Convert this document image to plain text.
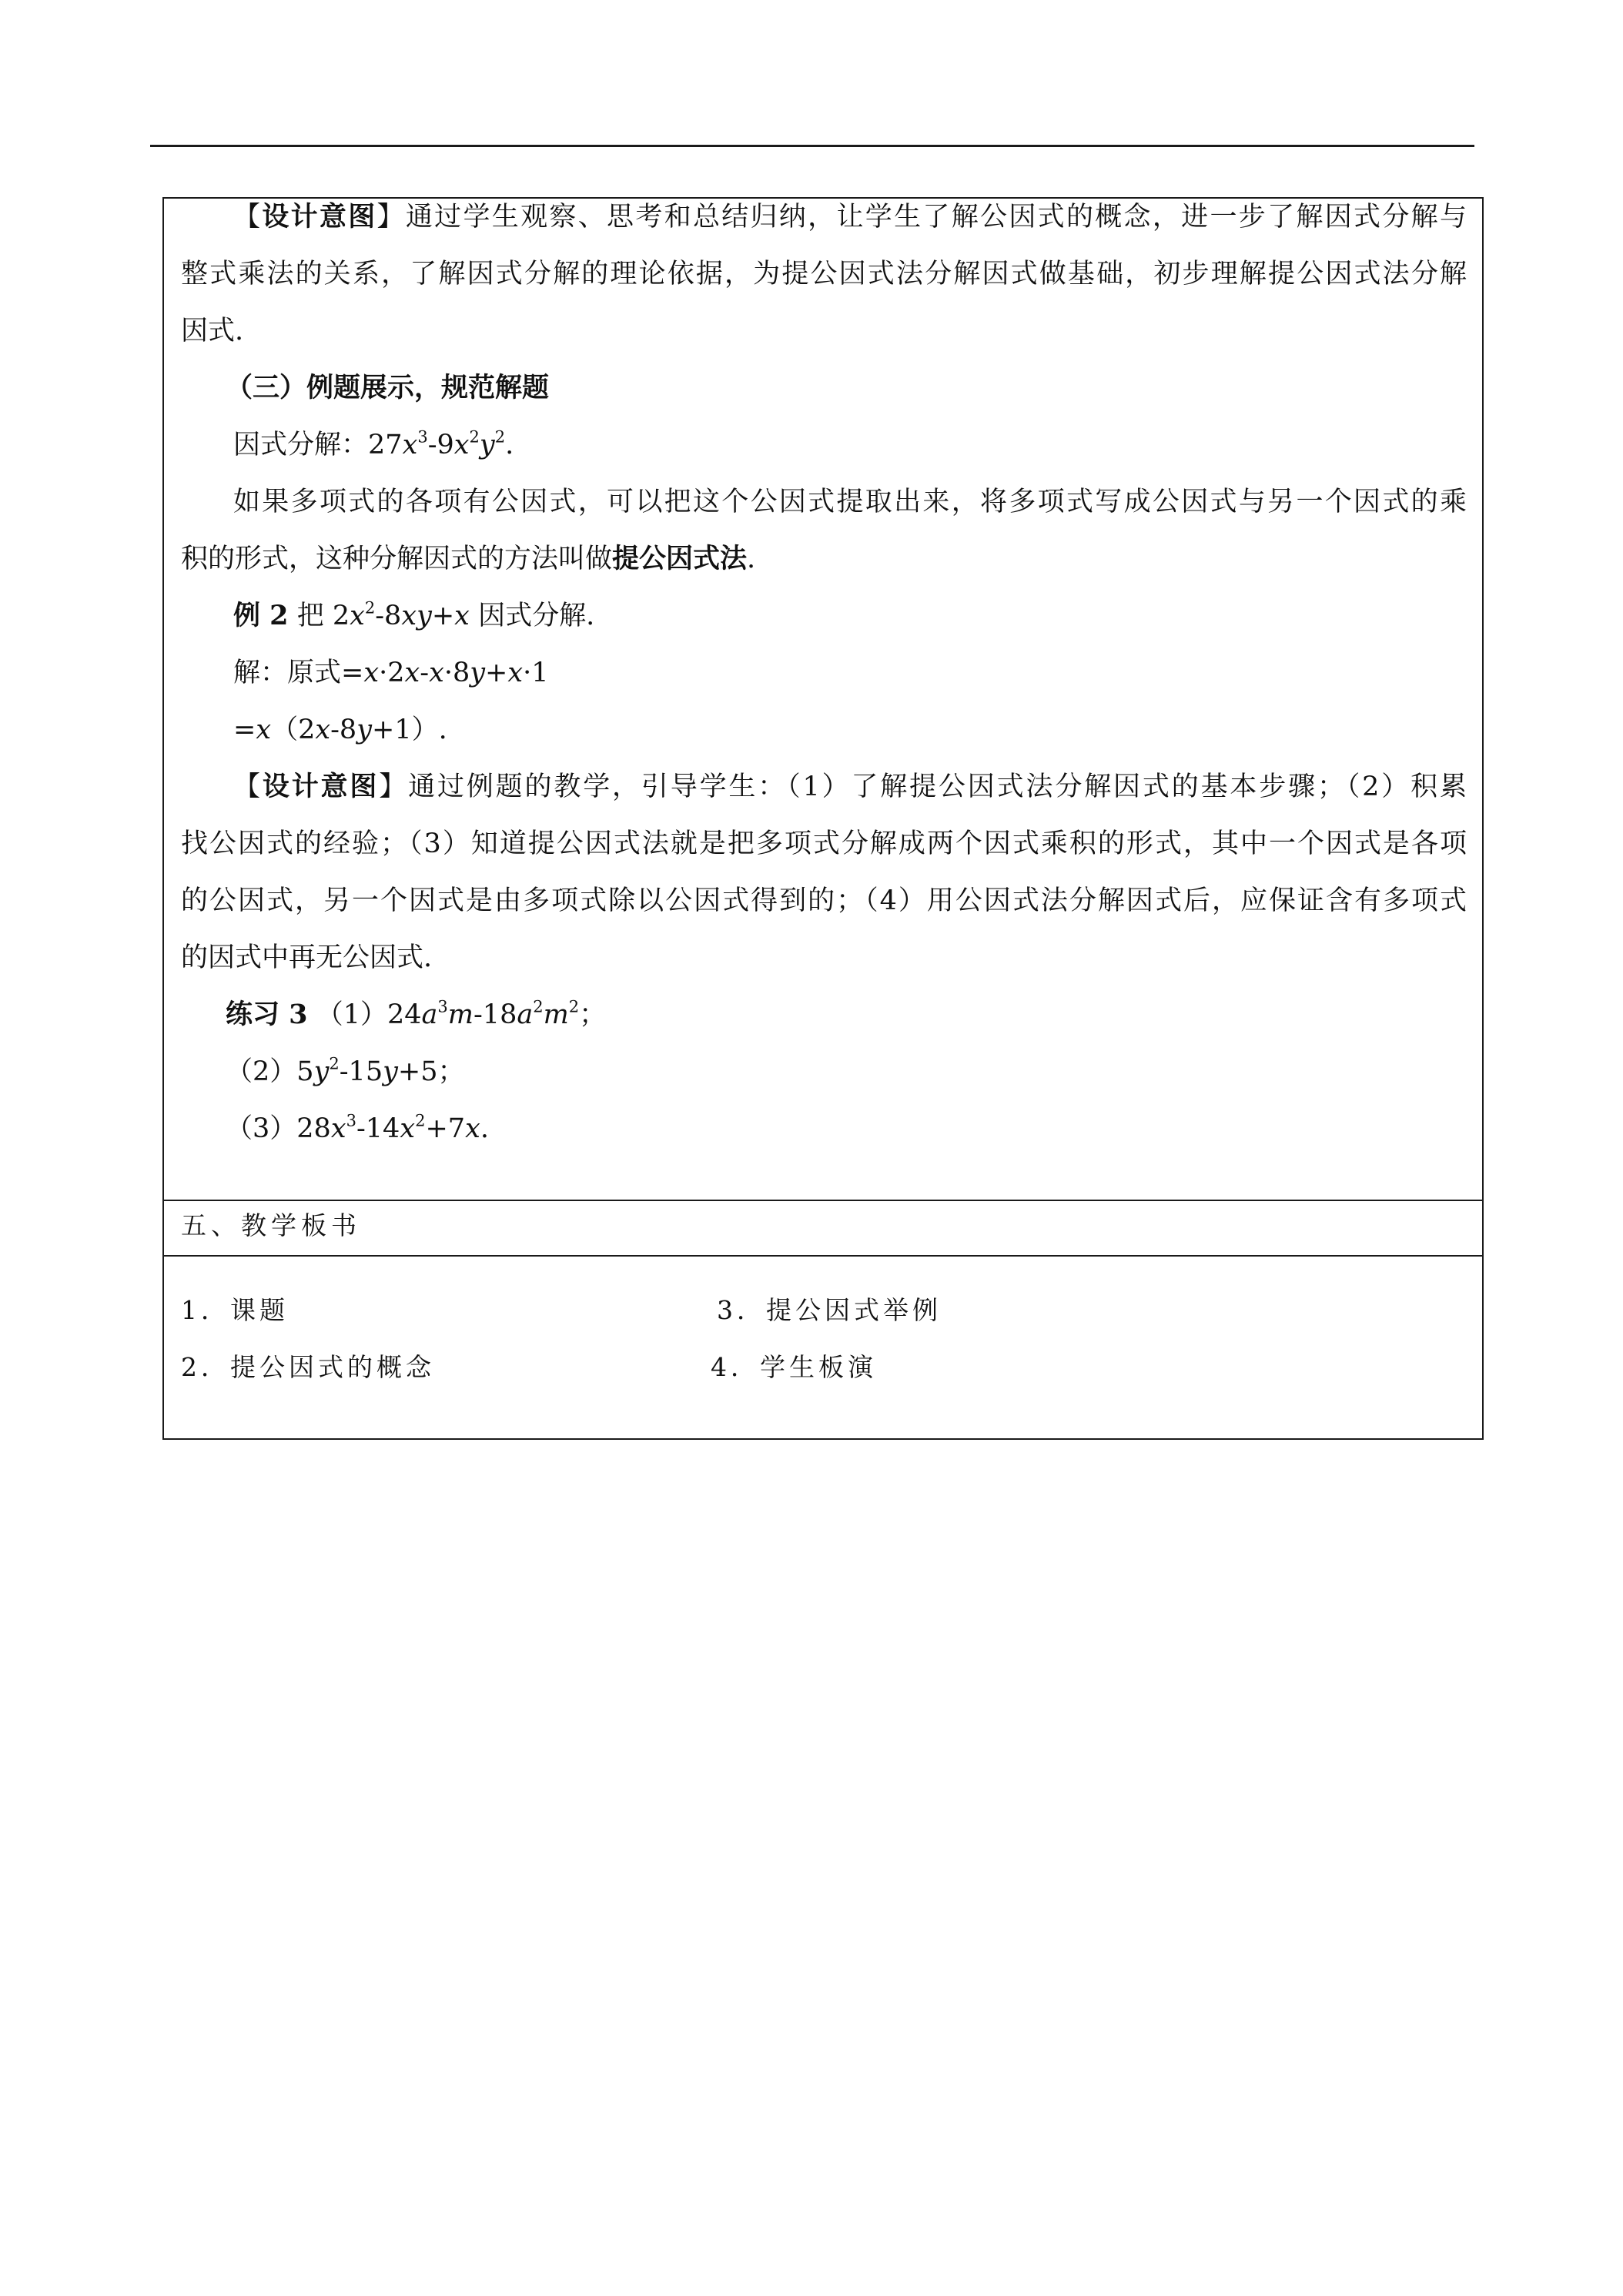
【设计意图】通过学生观察、思考和总结归纳，让学生了解公因式的概念，进一步了解因式分解与
整式乘法的关系，了解因式分解的理论依据，为提公因式法分解因式做基础，初步理解提公因式法分解
因式.
（三）例题展示，规范解题
因式分解：$27x^3-9x^2y^2$.
如果多项式的各项有公因式，可以把这个公因式提取出来，将多项式写成公因式与另一个因式的乘
积的形式，这种分解因式的方法叫做提公因式法.
例 2 把 $2x^2-8xy+x$ 因式分解.
解：原式=x·2x-x·8y+x·1
=x（2x-8y+1）.
【设计意图】通过例题的教学，引导学生：（1）了解提公因式法分解因式的基本步骤；（2）积累
找公因式的经验；（3）知道提公因式法就是把多项式分解成两个因式乘积的形式，其中一个因式是各项
的公因式，另一个因式是由多项式除以公因式得到的；（4）用公因式法分解因式后，应保证含有多项式
的因式中再无公因式.
练习 3 $(1)24a^3m-18a^2m^2$；
$(2)5y^2-15y+5$；
$(3)28x^3-14x^2+7x$.
五、教学板书
1．课题
2．提公因式的概念
3．提公因式举例
4．学生板演
